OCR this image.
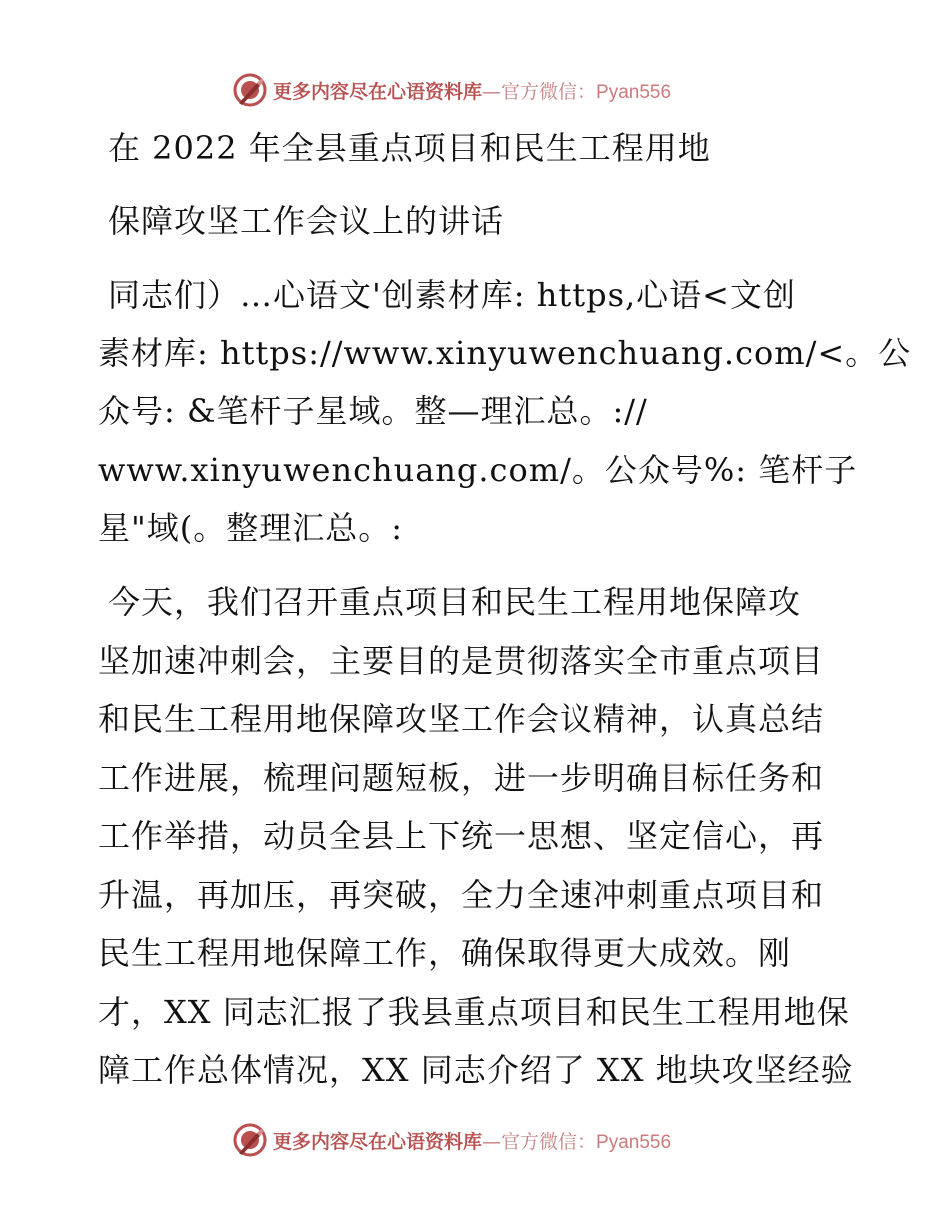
更多内容尽在心语资料库—官方微信：Pyan556
在 2022 年全县重点项目和民生工程用地
保障攻坚工作会议上的讲话
同志们）…心语文'创素材库: https,心语<文创
素材库: https://www.xinyuwenchuang.com/<。公
众号: &笔杆子星域。整—理汇总。://
www.xinyuwenchuang.com/。公众号%: 笔杆子
星"域(。整理汇总。:
今天，我们召开重点项目和民生工程用地保障攻
坚加速冲刺会，主要目的是贯彻落实全市重点项目
和民生工程用地保障攻坚工作会议精神，认真总结
工作进展，梳理问题短板，进一步明确目标任务和
工作举措，动员全县上下统一思想、坚定信心，再
升温，再加压，再突破，全力全速冲刺重点项目和
民生工程用地保障工作，确保取得更大成效。刚
才，XX 同志汇报了我县重点项目和民生工程用地保
障工作总体情况，XX 同志介绍了 XX 地块攻坚经验
更多内容尽在心语资料库—官方微信：Pyan556
